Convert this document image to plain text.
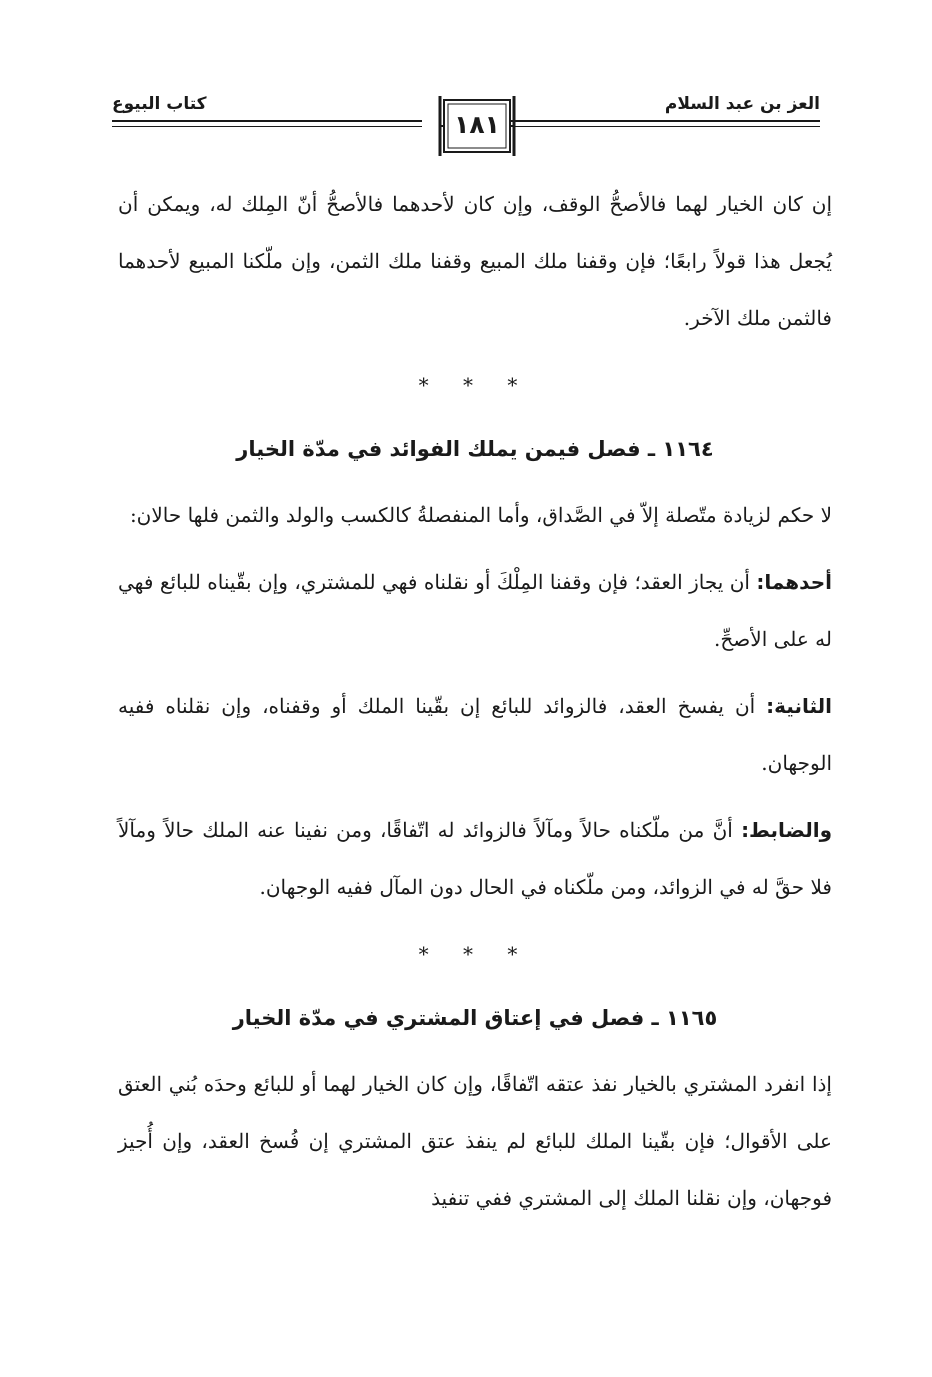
العز بن عبد السلام
كتاب البيوع
١٨١

إن كان الخيار لهما فالأصحُّ الوقف، وإن كان لأحدهما فالأصحُّ أنّ المِلك له، ويمكن أن يُجعل هذا قولاً رابعًا؛ فإن وقفنا ملك المبيع وقفنا ملك الثمن، وإن ملّكنا المبيع لأحدهما فالثمن ملك الآخر.

* * *
١١٦٤ ـ فصل فيمن يملك الفوائد في مدّة الخيار

لا حكم لزيادة متّصلة إلاّ في الصَّداق، وأما المنفصلةُ كالكسب والولد والثمن فلها حالان:

أحدهما: أن يجاز العقد؛ فإن وقفنا المِلْكَ أو نقلناه فهي للمشتري، وإن بقّيناه للبائع فهي له على الأصحِّ.

الثانية: أن يفسخ العقد، فالزوائد للبائع إن بقّينا الملك أو وقفناه، وإن نقلناه ففيه الوجهان.

والضابط: أنَّ من ملّكناه حالاً ومآلاً فالزوائد له اتّفاقًا، ومن نفينا عنه الملك حالاً ومآلاً فلا حقَّ له في الزوائد، ومن ملّكناه في الحال دون المآل ففيه الوجهان.

* * *
١١٦٥ ـ فصل في إعتاق المشتري في مدّة الخيار

إذا انفرد المشتري بالخيار نفذ عتقه اتّفاقًا، وإن كان الخيار لهما أو للبائع وحدَه بُني العتق على الأقوال؛ فإن بقّينا الملك للبائع لم ينفذ عتق المشتري إن فُسخ العقد، وإن أُجيز فوجهان، وإن نقلنا الملك إلى المشتري ففي تنفيذ
